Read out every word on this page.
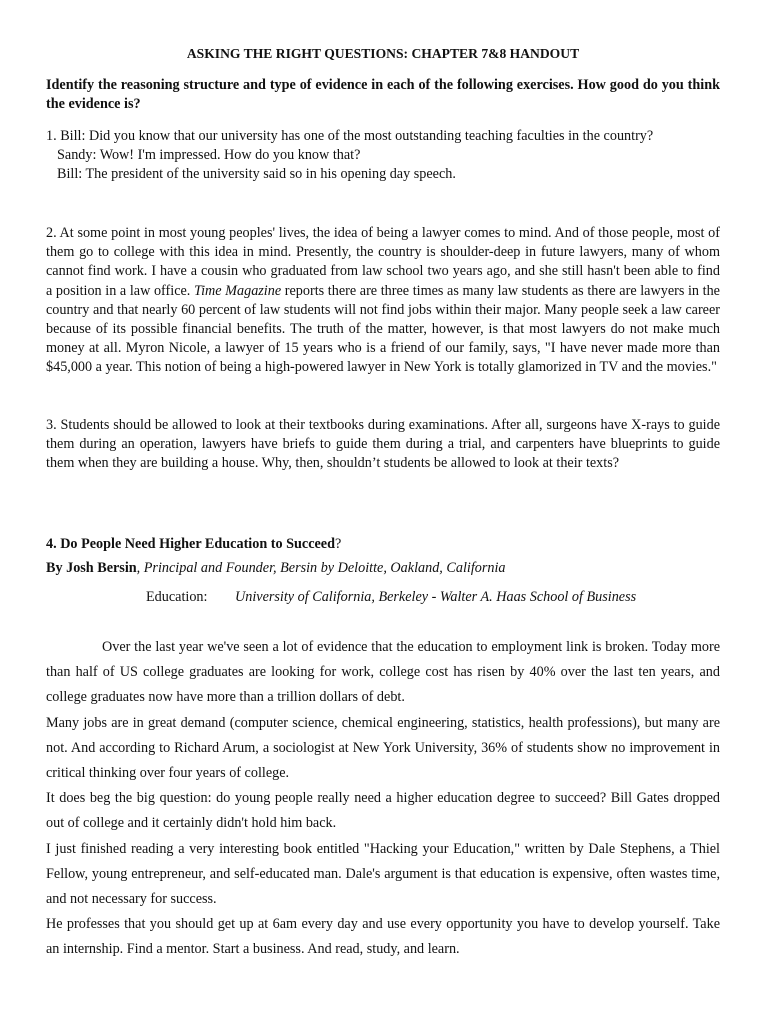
ASKING THE RIGHT QUESTIONS: CHAPTER 7&8 HANDOUT
Identify the reasoning structure and type of evidence in each of the following exercises. How good do you think the evidence is?
1. Bill: Did you know that our university has one of the most outstanding teaching faculties in the country?
Sandy: Wow! I'm impressed. How do you know that?
Bill: The president of the university said so in his opening day speech.
2. At some point in most young peoples' lives, the idea of being a lawyer comes to mind. And of those people, most of them go to college with this idea in mind. Presently, the country is shoulder-deep in future lawyers, many of whom cannot find work. I have a cousin who graduated from law school two years ago, and she still hasn't been able to find a position in a law office. Time Magazine reports there are three times as many law students as there are lawyers in the country and that nearly 60 percent of law students will not find jobs within their major. Many people seek a law career because of its possible financial benefits. The truth of the matter, however, is that most lawyers do not make much money at all. Myron Nicole, a lawyer of 15 years who is a friend of our family, says, "I have never made more than $45,000 a year. This notion of being a high-powered lawyer in New York is totally glamorized in TV and the movies."
3. Students should be allowed to look at their textbooks during examinations. After all, surgeons have X-rays to guide them during an operation, lawyers have briefs to guide them during a trial, and carpenters have blueprints to guide them when they are building a house. Why, then, shouldn’t students be allowed to look at their texts?
4. Do People Need Higher Education to Succeed?
By Josh Bersin, Principal and Founder, Bersin by Deloitte, Oakland, California
Education:	University of California, Berkeley - Walter A. Haas School of Business

Over the last year we've seen a lot of evidence that the education to employment link is broken. Today more than half of US college graduates are looking for work, college cost has risen by 40% over the last ten years, and college graduates now have more than a trillion dollars of debt.

Many jobs are in great demand (computer science, chemical engineering, statistics, health professions), but many are not. And according to Richard Arum, a sociologist at New York University, 36% of students show no improvement in critical thinking over four years of college.

It does beg the big question: do young people really need a higher education degree to succeed? Bill Gates dropped out of college and it certainly didn't hold him back.

I just finished reading a very interesting book entitled "Hacking your Education," written by Dale Stephens, a Thiel Fellow, young entrepreneur, and self-educated man. Dale's argument is that education is expensive, often wastes time, and not necessary for success.

He professes that you should get up at 6am every day and use every opportunity you have to develop yourself. Take an internship. Find a mentor. Start a business. And read, study, and learn.
